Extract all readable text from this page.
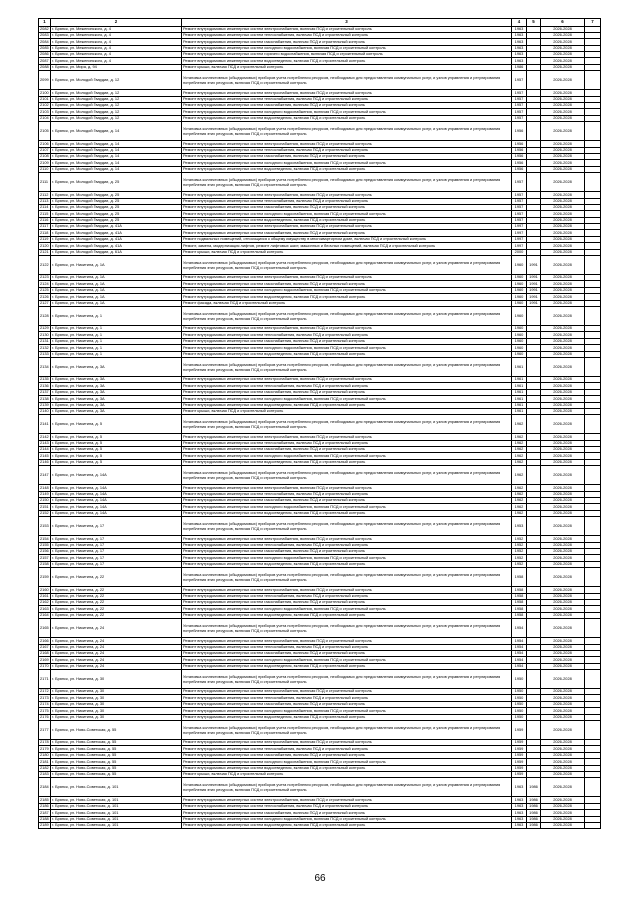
1	2	3	4	5	6	7
2082	г. Брянск, ул. Меженинского, д. 4	Ремонт внутридомовых инженерных систем электроснабжения, включая ПСД и строительный контроль	1963		2026-2028	
2083	г. Брянск, ул. Меженинского, д. 4	Ремонт внутридомовых инженерных систем теплоснабжения, включая ПСД и строительный контроль	1963		2026-2028	
2084	г. Брянск, ул. Меженинского, д. 4	Ремонт внутридомовых инженерных систем газоснабжения, включая ПСД и строительный контроль	1963		2026-2028	
2085	г. Брянск, ул. Меженинского, д. 4	Ремонт внутридомовых инженерных систем холодного водоснабжения, включая ПСД и строительный контроль	1963		2026-2028	
2086	г. Брянск, ул. Меженинского, д. 4	Ремонт внутридомовых инженерных систем горячего водоснабжения, включая ПСД и строительный контроль	1963		2026-2028	
2087	г. Брянск, ул. Меженинского, д. 4	Ремонт внутридомовых инженерных систем водоотведения, включая ПСД и строительный контроль	1963		2026-2028	
2088	г. Брянск, ул. Мира, д. 94	Ремонт крыши, включая ПСД и строительный контроль	1986		2026-2028	
2099	г. Брянск, ул. Молодой Гвардии, д. 12	Установка коллективных (общедомовых) приборов учета потребления ресурсов, необходимых для предоставления коммунальных услуг, и узлов управления и регулирования потребления этих ресурсов, включая ПСД и строительный контроль	1957		2026-2028	
2100	г. Брянск, ул. Молодой Гвардии, д. 12	Ремонт внутридомовых инженерных систем электроснабжения, включая ПСД и строительный контроль	1957		2026-2028	
2101	г. Брянск, ул. Молодой Гвардии, д. 12	Ремонт внутридомовых инженерных систем теплоснабжения, включая ПСД и строительный контроль	1957		2026-2028	
2102	г. Брянск, ул. Молодой Гвардии, д. 12	Ремонт внутридомовых инженерных систем газоснабжения, включая ПСД и строительный контроль	1957		2026-2028	
2103	г. Брянск, ул. Молодой Гвардии, д. 12	Ремонт внутридомовых инженерных систем холодного водоснабжения, включая ПСД и строительный контроль	1957		2026-2028	
2104	г. Брянск, ул. Молодой Гвардии, д. 12	Ремонт внутридомовых инженерных систем водоотведения, включая ПСД и строительный контроль	1957		2026-2028	
2105	г. Брянск, ул. Молодой Гвардии, д. 14	Установка коллективных (общедомовых) приборов учета потребления ресурсов, необходимых для предоставления коммунальных услуг, и узлов управления и регулирования потребления этих ресурсов, включая ПСД и строительный контроль	1956		2026-2028	
2106	г. Брянск, ул. Молодой Гвардии, д. 14	Ремонт внутридомовых инженерных систем электроснабжения, включая ПСД и строительный контроль	1956		2026-2028	
2107	г. Брянск, ул. Молодой Гвардии, д. 14	Ремонт внутридомовых инженерных систем теплоснабжения, включая ПСД и строительный контроль	1956		2026-2028	
2108	г. Брянск, ул. Молодой Гвардии, д. 14	Ремонт внутридомовых инженерных систем газоснабжения, включая ПСД и строительный контроль	1956		2026-2028	
2109	г. Брянск, ул. Молодой Гвардии, д. 14	Ремонт внутридомовых инженерных систем холодного водоснабжения, включая ПСД и строительный контроль	1956		2026-2028	
2110	г. Брянск, ул. Молодой Гвардии, д. 14	Ремонт внутридомовых инженерных систем водоотведения, включая ПСД и строительный контроль	1956		2026-2028	
2111	г. Брянск, ул. Молодой Гвардии, д. 25	Установка коллективных (общедомовых) приборов учета потребления ресурсов, необходимых для предоставления коммунальных услуг, и узлов управления и регулирования потребления этих ресурсов, включая ПСД и строительный контроль	1957		2026-2028	
2112	г. Брянск, ул. Молодой Гвардии, д. 25	Ремонт внутридомовых инженерных систем электроснабжения, включая ПСД и строительный контроль	1957		2026-2028	
2113	г. Брянск, ул. Молодой Гвардии, д. 25	Ремонт внутридомовых инженерных систем теплоснабжения, включая ПСД и строительный контроль	1957		2026-2028	
2114	г. Брянск, ул. Молодой Гвардии, д. 25	Ремонт внутридомовых инженерных систем газоснабжения, включая ПСД и строительный контроль	1957		2026-2028	
2115	г. Брянск, ул. Молодой Гвардии, д. 25	Ремонт внутридомовых инженерных систем холодного водоснабжения, включая ПСД и строительный контроль	1957		2026-2028	
2116	г. Брянск, ул. Молодой Гвардии, д. 25	Ремонт внутридомовых инженерных систем водоотведения, включая ПСД и строительный контроль	1957		2026-2028	
2117	г. Брянск, ул. Молодой Гвардии, д. 41А	Ремонт внутридомовых инженерных систем электроснабжения, включая ПСД и строительный контроль	1997		2026-2028	
2118	г. Брянск, ул. Молодой Гвардии, д. 41А	Ремонт внутридомовых инженерных систем газоснабжения, включая ПСД и строительный контроль	1997		2026-2028	
2119	г. Брянск, ул. Молодой Гвардии, д. 41А	Ремонт подвальных помещений, относящихся к общему имуществу в многоквартирном доме, включая ПСД и строительный контроль	1997		2026-2028	
2120	г. Брянск, ул. Молодой Гвардии, д. 41А	Ремонт, замена, модернизация лифтов, ремонт лифтовых шахт, машинных и блочных помещений, включая ПСД и строительный контроль	1997		2026-2028	
2121	г. Брянск, ул. Молодой Гвардии, д. 61А	Ремонт крыши, включая ПСД и строительный контроль	2000		2026-2028	
2122	г. Брянск, ул. Никитина, д. 1А	Установка коллективных (общедомовых) приборов учета потребления ресурсов, необходимых для предоставления коммунальных услуг, и узлов управления и регулирования потребления этих ресурсов, включая ПСД и строительный контроль	1960	1991	2026-2028	
2123	г. Брянск, ул. Никитина, д. 1А	Ремонт внутридомовых инженерных систем электроснабжения, включая ПСД и строительный контроль	1960	1991	2026-2028	
2124	г. Брянск, ул. Никитина, д. 1А	Ремонт внутридомовых инженерных систем газоснабжения, включая ПСД и строительный контроль	1960	1991	2026-2028	
2125	г. Брянск, ул. Никитина, д. 1А	Ремонт внутридомовых инженерных систем холодного водоснабжения, включая ПСД и строительный контроль	1960	1991	2026-2028	
2126	г. Брянск, ул. Никитина, д. 1А	Ремонт внутридомовых инженерных систем водоотведения, включая ПСД и строительный контроль	1960	1991	2026-2028	
2127	г. Брянск, ул. Никитина, д. 1А	Ремонт фасада, включая ПСД и строительный контроль	1960	1991	2026-2028	
2128	г. Брянск, ул. Никитина, д. 1	Установка коллективных (общедомовых) приборов учета потребления ресурсов, необходимых для предоставления коммунальных услуг, и узлов управления и регулирования потребления этих ресурсов, включая ПСД и строительный контроль	1960		2026-2028	
2129	г. Брянск, ул. Никитина, д. 1	Ремонт внутридомовых инженерных систем электроснабжения, включая ПСД и строительный контроль	1960		2026-2028	
2130	г. Брянск, ул. Никитина, д. 1	Ремонт внутридомовых инженерных систем теплоснабжения, включая ПСД и строительный контроль	1960		2026-2028	
2131	г. Брянск, ул. Никитина, д. 1	Ремонт внутридомовых инженерных систем газоснабжения, включая ПСД и строительный контроль	1960		2026-2028	
2132	г. Брянск, ул. Никитина, д. 1	Ремонт внутридомовых инженерных систем холодного водоснабжения, включая ПСД и строительный контроль	1960		2026-2028	
2133	г. Брянск, ул. Никитина, д. 1	Ремонт внутридомовых инженерных систем водоотведения, включая ПСД и строительный контроль	1960		2026-2028	
2134	г. Брянск, ул. Никитина, д. 3А	Установка коллективных (общедомовых) приборов учета потребления ресурсов, необходимых для предоставления коммунальных услуг, и узлов управления и регулирования потребления этих ресурсов, включая ПСД и строительный контроль	1961		2026-2028	
2135	г. Брянск, ул. Никитина, д. 3А	Ремонт внутридомовых инженерных систем электроснабжения, включая ПСД и строительный контроль	1961		2026-2028	
2136	г. Брянск, ул. Никитина, д. 3А	Ремонт внутридомовых инженерных систем теплоснабжения, включая ПСД и строительный контроль	1961		2026-2028	
2137	г. Брянск, ул. Никитина, д. 3А	Ремонт внутридомовых инженерных систем газоснабжения, включая ПСД и строительный контроль	1961		2026-2028	
2138	г. Брянск, ул. Никитина, д. 3А	Ремонт внутридомовых инженерных систем холодного водоснабжения, включая ПСД и строительный контроль	1961		2026-2028	
2139	г. Брянск, ул. Никитина, д. 3А	Ремонт внутридомовых инженерных систем водоотведения, включая ПСД и строительный контроль	1961		2026-2028	
2140	г. Брянск, ул. Никитина, д. 3А	Ремонт крыши, включая ПСД и строительный контроль	1961		2026-2028	
2141	г. Брянск, ул. Никитина, д. 5	Установка коллективных (общедомовых) приборов учета потребления ресурсов, необходимых для предоставления коммунальных услуг, и узлов управления и регулирования потребления этих ресурсов, включая ПСД и строительный контроль	1962		2026-2028	
2142	г. Брянск, ул. Никитина, д. 5	Ремонт внутридомовых инженерных систем электроснабжения, включая ПСД и строительный контроль	1962		2026-2028	
2143	г. Брянск, ул. Никитина, д. 5	Ремонт внутридомовых инженерных систем теплоснабжения, включая ПСД и строительный контроль	1962		2026-2028	
2144	г. Брянск, ул. Никитина, д. 5	Ремонт внутридомовых инженерных систем газоснабжения, включая ПСД и строительный контроль	1962		2026-2028	
2145	г. Брянск, ул. Никитина, д. 5	Ремонт внутридомовых инженерных систем холодного водоснабжения, включая ПСД и строительный контроль	1962		2026-2028	
2146	г. Брянск, ул. Никитина, д. 5	Ремонт внутридомовых инженерных систем водоотведения, включая ПСД и строительный контроль	1962		2026-2028	
2147	г. Брянск, ул. Никитина, д. 14А	Установка коллективных (общедомовых) приборов учета потребления ресурсов, необходимых для предоставления коммунальных услуг, и узлов управления и регулирования потребления этих ресурсов, включая ПСД и строительный контроль	1962		2026-2028	
2148	г. Брянск, ул. Никитина, д. 14А	Ремонт внутридомовых инженерных систем электроснабжения, включая ПСД и строительный контроль	1962		2026-2028	
2149	г. Брянск, ул. Никитина, д. 14А	Ремонт внутридомовых инженерных систем теплоснабжения, включая ПСД и строительный контроль	1962		2026-2028	
2150	г. Брянск, ул. Никитина, д. 14А	Ремонт внутридомовых инженерных систем газоснабжения, включая ПСД и строительный контроль	1962		2026-2028	
2151	г. Брянск, ул. Никитина, д. 14А	Ремонт внутридомовых инженерных систем холодного водоснабжения, включая ПСД и строительный контроль	1962		2026-2028	
2152	г. Брянск, ул. Никитина, д. 14А	Ремонт внутридомовых инженерных систем водоотведения, включая ПСД и строительный контроль	1962		2026-2028	
2153	г. Брянск, ул. Никитина, д. 17	Установка коллективных (общедомовых) приборов учета потребления ресурсов, необходимых для предоставления коммунальных услуг, и узлов управления и регулирования потребления этих ресурсов, включая ПСД и строительный контроль	1953		2026-2028	
2154	г. Брянск, ул. Никитина, д. 17	Ремонт внутридомовых инженерных систем электроснабжения, включая ПСД и строительный контроль	1952		2026-2028	
2155	г. Брянск, ул. Никитина, д. 17	Ремонт внутридомовых инженерных систем теплоснабжения, включая ПСД и строительный контроль	1952		2026-2028	
2156	г. Брянск, ул. Никитина, д. 17	Ремонт внутридомовых инженерных систем газоснабжения, включая ПСД и строительный контроль	1952		2026-2028	
2157	г. Брянск, ул. Никитина, д. 17	Ремонт внутридомовых инженерных систем холодного водоснабжения, включая ПСД и строительный контроль	1952		2026-2028	
2158	г. Брянск, ул. Никитина, д. 17	Ремонт внутридомовых инженерных систем водоотведения, включая ПСД и строительный контроль	1952		2026-2028	
2159	г. Брянск, ул. Никитина, д. 22	Установка коллективных (общедомовых) приборов учета потребления ресурсов, необходимых для предоставления коммунальных услуг, и узлов управления и регулирования потребления этих ресурсов, включая ПСД и строительный контроль	1958		2026-2028	
2160	г. Брянск, ул. Никитина, д. 22	Ремонт внутридомовых инженерных систем электроснабжения, включая ПСД и строительный контроль	1958		2026-2028	
2161	г. Брянск, ул. Никитина, д. 22	Ремонт внутридомовых инженерных систем теплоснабжения, включая ПСД и строительный контроль	1958		2026-2028	
2162	г. Брянск, ул. Никитина, д. 22	Ремонт внутридомовых инженерных систем газоснабжения, включая ПСД и строительный контроль	1958		2026-2028	
2163	г. Брянск, ул. Никитина, д. 22	Ремонт внутридомовых инженерных систем холодного водоснабжения, включая ПСД и строительный контроль	1958		2026-2028	
2164	г. Брянск, ул. Никитина, д. 22	Ремонт внутридомовых инженерных систем водоотведения, включая ПСД и строительный контроль	1958		2026-2028	
2165	г. Брянск, ул. Никитина, д. 24	Установка коллективных (общедомовых) приборов учета потребления ресурсов, необходимых для предоставления коммунальных услуг, и узлов управления и регулирования потребления этих ресурсов, включая ПСД и строительный контроль	1954		2026-2028	
2166	г. Брянск, ул. Никитина, д. 24	Ремонт внутридомовых инженерных систем электроснабжения, включая ПСД и строительный контроль	1954		2026-2028	
2167	г. Брянск, ул. Никитина, д. 24	Ремонт внутридомовых инженерных систем теплоснабжения, включая ПСД и строительный контроль	1954		2026-2028	
2168	г. Брянск, ул. Никитина, д. 24	Ремонт внутридомовых инженерных систем газоснабжения, включая ПСД и строительный контроль	1954		2026-2028	
2169	г. Брянск, ул. Никитина, д. 24	Ремонт внутридомовых инженерных систем холодного водоснабжения, включая ПСД и строительный контроль	1954		2026-2028	
2170	г. Брянск, ул. Никитина, д. 24	Ремонт внутридомовых инженерных систем водоотведения, включая ПСД и строительный контроль	1954		2026-2028	
2171	г. Брянск, ул. Никитина, д. 30	Установка коллективных (общедомовых) приборов учета потребления ресурсов, необходимых для предоставления коммунальных услуг, и узлов управления и регулирования потребления этих ресурсов, включая ПСД и строительный контроль	1950		2026-2028	
2172	г. Брянск, ул. Никитина, д. 30	Ремонт внутридомовых инженерных систем электроснабжения, включая ПСД и строительный контроль	1950		2026-2028	
2173	г. Брянск, ул. Никитина, д. 30	Ремонт внутридомовых инженерных систем теплоснабжения, включая ПСД и строительный контроль	1950		2026-2028	
2174	г. Брянск, ул. Никитина, д. 30	Ремонт внутридомовых инженерных систем газоснабжения, включая ПСД и строительный контроль	1950		2026-2028	
2175	г. Брянск, ул. Никитина, д. 30	Ремонт внутридомовых инженерных систем холодного водоснабжения, включая ПСД и строительный контроль	1950		2026-2028	
2176	г. Брянск, ул. Никитина, д. 30	Ремонт внутридомовых инженерных систем водоотведения, включая ПСД и строительный контроль	1950		2026-2028	
2177	г. Брянск, ул. Ново-Советская, д. 55	Установка коллективных (общедомовых) приборов учета потребления ресурсов, необходимых для предоставления коммунальных услуг, и узлов управления и регулирования потребления этих ресурсов, включая ПСД и строительный контроль	1959		2026-2028	
2178	г. Брянск, ул. Ново-Советская, д. 55	Ремонт внутридомовых инженерных систем электроснабжения, включая ПСД и строительный контроль	1959		2026-2028	
2179	г. Брянск, ул. Ново-Советская, д. 55	Ремонт внутридомовых инженерных систем теплоснабжения, включая ПСД и строительный контроль	1959		2026-2028	
2180	г. Брянск, ул. Ново-Советская, д. 55	Ремонт внутридомовых инженерных систем газоснабжения, включая ПСД и строительный контроль	1959		2026-2028	
2181	г. Брянск, ул. Ново-Советская, д. 55	Ремонт внутридомовых инженерных систем холодного водоснабжения, включая ПСД и строительный контроль	1959		2026-2028	
2182	г. Брянск, ул. Ново-Советская, д. 55	Ремонт внутридомовых инженерных систем водоотведения, включая ПСД и строительный контроль	1959		2026-2028	
2183	г. Брянск, ул. Ново-Советская, д. 55	Ремонт крыши, включая ПСД и строительный контроль	1959		2026-2028	
2184	г. Брянск, ул. Ново-Советская, д. 101	Установка коллективных (общедомовых) приборов учета потребления ресурсов, необходимых для предоставления коммунальных услуг, и узлов управления и регулирования потребления этих ресурсов, включая ПСД и строительный контроль	1963	1986	2026-2028	
2185	г. Брянск, ул. Ново-Советская, д. 101	Ремонт внутридомовых инженерных систем электроснабжения, включая ПСД и строительный контроль	1963	1986	2026-2028	
2186	г. Брянск, ул. Ново-Советская, д. 101	Ремонт внутридомовых инженерных систем теплоснабжения, включая ПСД и строительный контроль	1963	1986	2026-2028	
2187	г. Брянск, ул. Ново-Советская, д. 101	Ремонт внутридомовых инженерных систем газоснабжения, включая ПСД и строительный контроль	1963	1986	2026-2028	
2188	г. Брянск, ул. Ново-Советская, д. 101	Ремонт внутридомовых инженерных систем холодного водоснабжения, включая ПСД и строительный контроль	1963	1986	2026-2028	
2189	г. Брянск, ул. Ново-Советская, д. 101	Ремонт внутридомовых инженерных систем водоотведения, включая ПСД и строительный контроль	1963	1986	2026-2028	
66
